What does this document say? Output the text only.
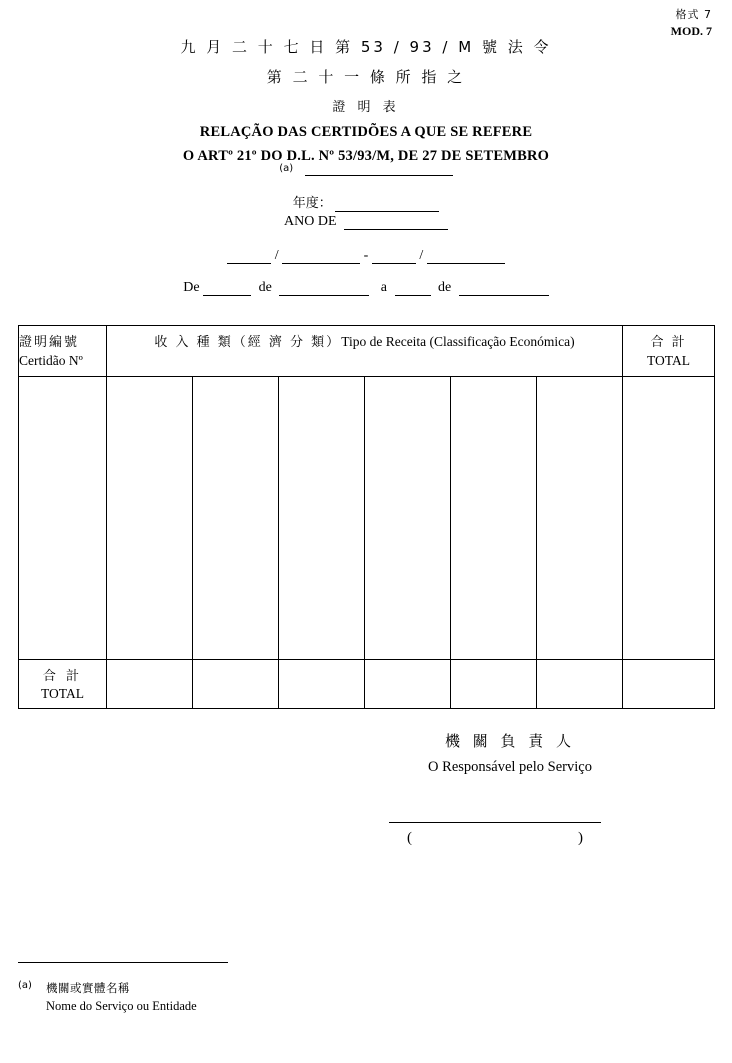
格式 7
MOD. 7
九 月 二 十 七 日 第 53 / 93 / M 號 法 令
第 二 十 一 條 所 指 之
證 明 表
RELAÇÃO DAS CERTIDÕES A QUE SE REFERE
O ARTº 21º DO D.L. Nº 53/93/M, DE 27 DE SETEMBRO
(a)
年度：
ANO DE
/	-	/
De	de	a	de
證明編號
Certidão Nº

收 入 種 類（經 濟 分 類）Tipo de Receita (Classificação Económica)	合 計
TOTAL

合 計
TOTAL							

機 關 負 責 人
O Responsável pelo Serviço
(	)
(a)	機關或實體名稱
Nome do Serviço ou Entidade
